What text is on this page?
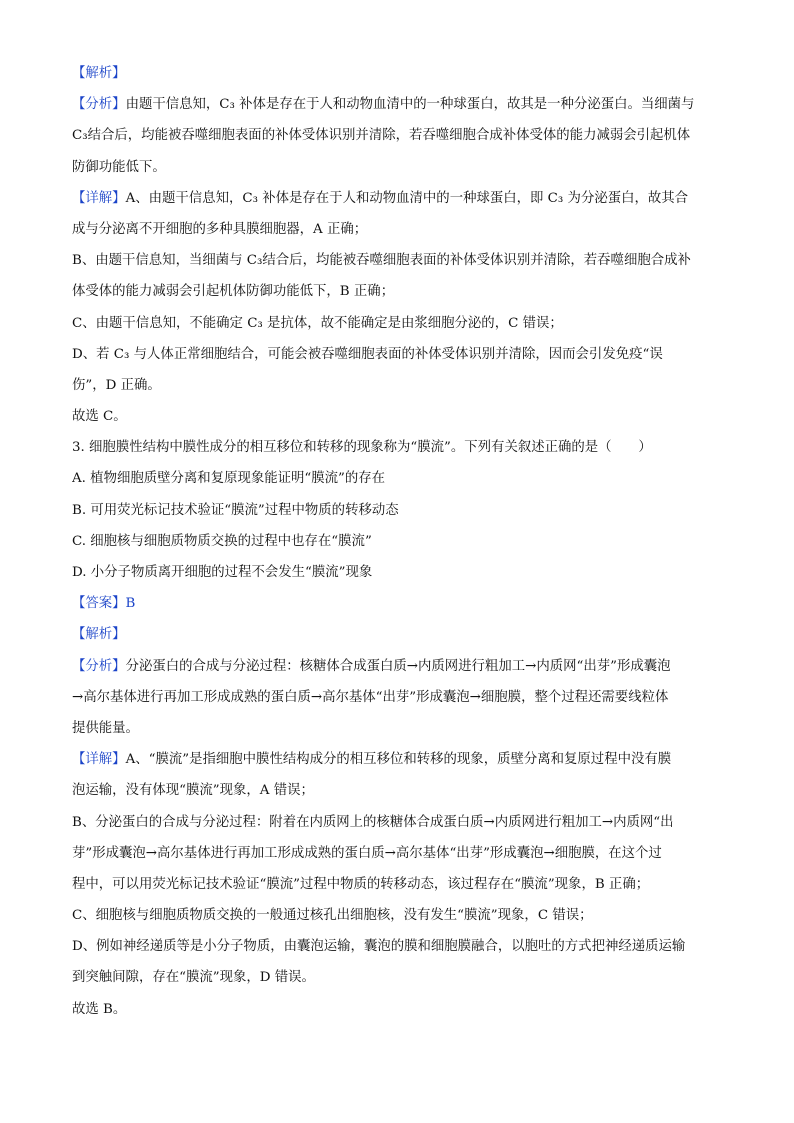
【解析】
【分析】由题干信息知，C₃ 补体是存在于人和动物血清中的一种球蛋白，故其是一种分泌蛋白。当细菌与
C₃结合后，均能被吞噬细胞表面的补体受体识别并清除，若吞噬细胞合成补体受体的能力减弱会引起机体
防御功能低下。
【详解】A、由题干信息知，C₃ 补体是存在于人和动物血清中的一种球蛋白，即 C₃ 为分泌蛋白，故其合
成与分泌离不开细胞的多种具膜细胞器，A 正确；
B、由题干信息知，当细菌与 C₃结合后，均能被吞噬细胞表面的补体受体识别并清除，若吞噬细胞合成补
体受体的能力减弱会引起机体防御功能低下，B 正确；
C、由题干信息知，不能确定 C₃ 是抗体，故不能确定是由浆细胞分泌的，C 错误；
D、若 C₃ 与人体正常细胞结合，可能会被吞噬细胞表面的补体受体识别并清除，因而会引发免疫“误
伤”，D 正确。
故选 C。
3. 细胞膜性结构中膜性成分的相互移位和转移的现象称为“膜流”。下列有关叙述正确的是（　　）
A. 植物细胞质壁分离和复原现象能证明“膜流”的存在
B. 可用荧光标记技术验证“膜流”过程中物质的转移动态
C. 细胞核与细胞质物质交换的过程中也存在“膜流”
D. 小分子物质离开细胞的过程不会发生“膜流”现象
【答案】B
【解析】
【分析】分泌蛋白的合成与分泌过程：核糖体合成蛋白质→内质网进行粗加工→内质网“出芽”形成囊泡
→高尔基体进行再加工形成成熟的蛋白质→高尔基体“出芽”形成囊泡→细胞膜，整个过程还需要线粒体
提供能量。
【详解】A、“膜流”是指细胞中膜性结构成分的相互移位和转移的现象，质壁分离和复原过程中没有膜
泡运输，没有体现“膜流”现象，A 错误；
B、分泌蛋白的合成与分泌过程：附着在内质网上的核糖体合成蛋白质→内质网进行粗加工→内质网“出
芽”形成囊泡→高尔基体进行再加工形成成熟的蛋白质→高尔基体“出芽”形成囊泡→细胞膜，在这个过
程中，可以用荧光标记技术验证“膜流”过程中物质的转移动态，该过程存在“膜流”现象，B 正确；
C、细胞核与细胞质物质交换的一般通过核孔出细胞核，没有发生“膜流”现象，C 错误；
D、例如神经递质等是小分子物质，由囊泡运输，囊泡的膜和细胞膜融合，以胞吐的方式把神经递质运输
到突触间隙，存在“膜流”现象，D 错误。
故选 B。
